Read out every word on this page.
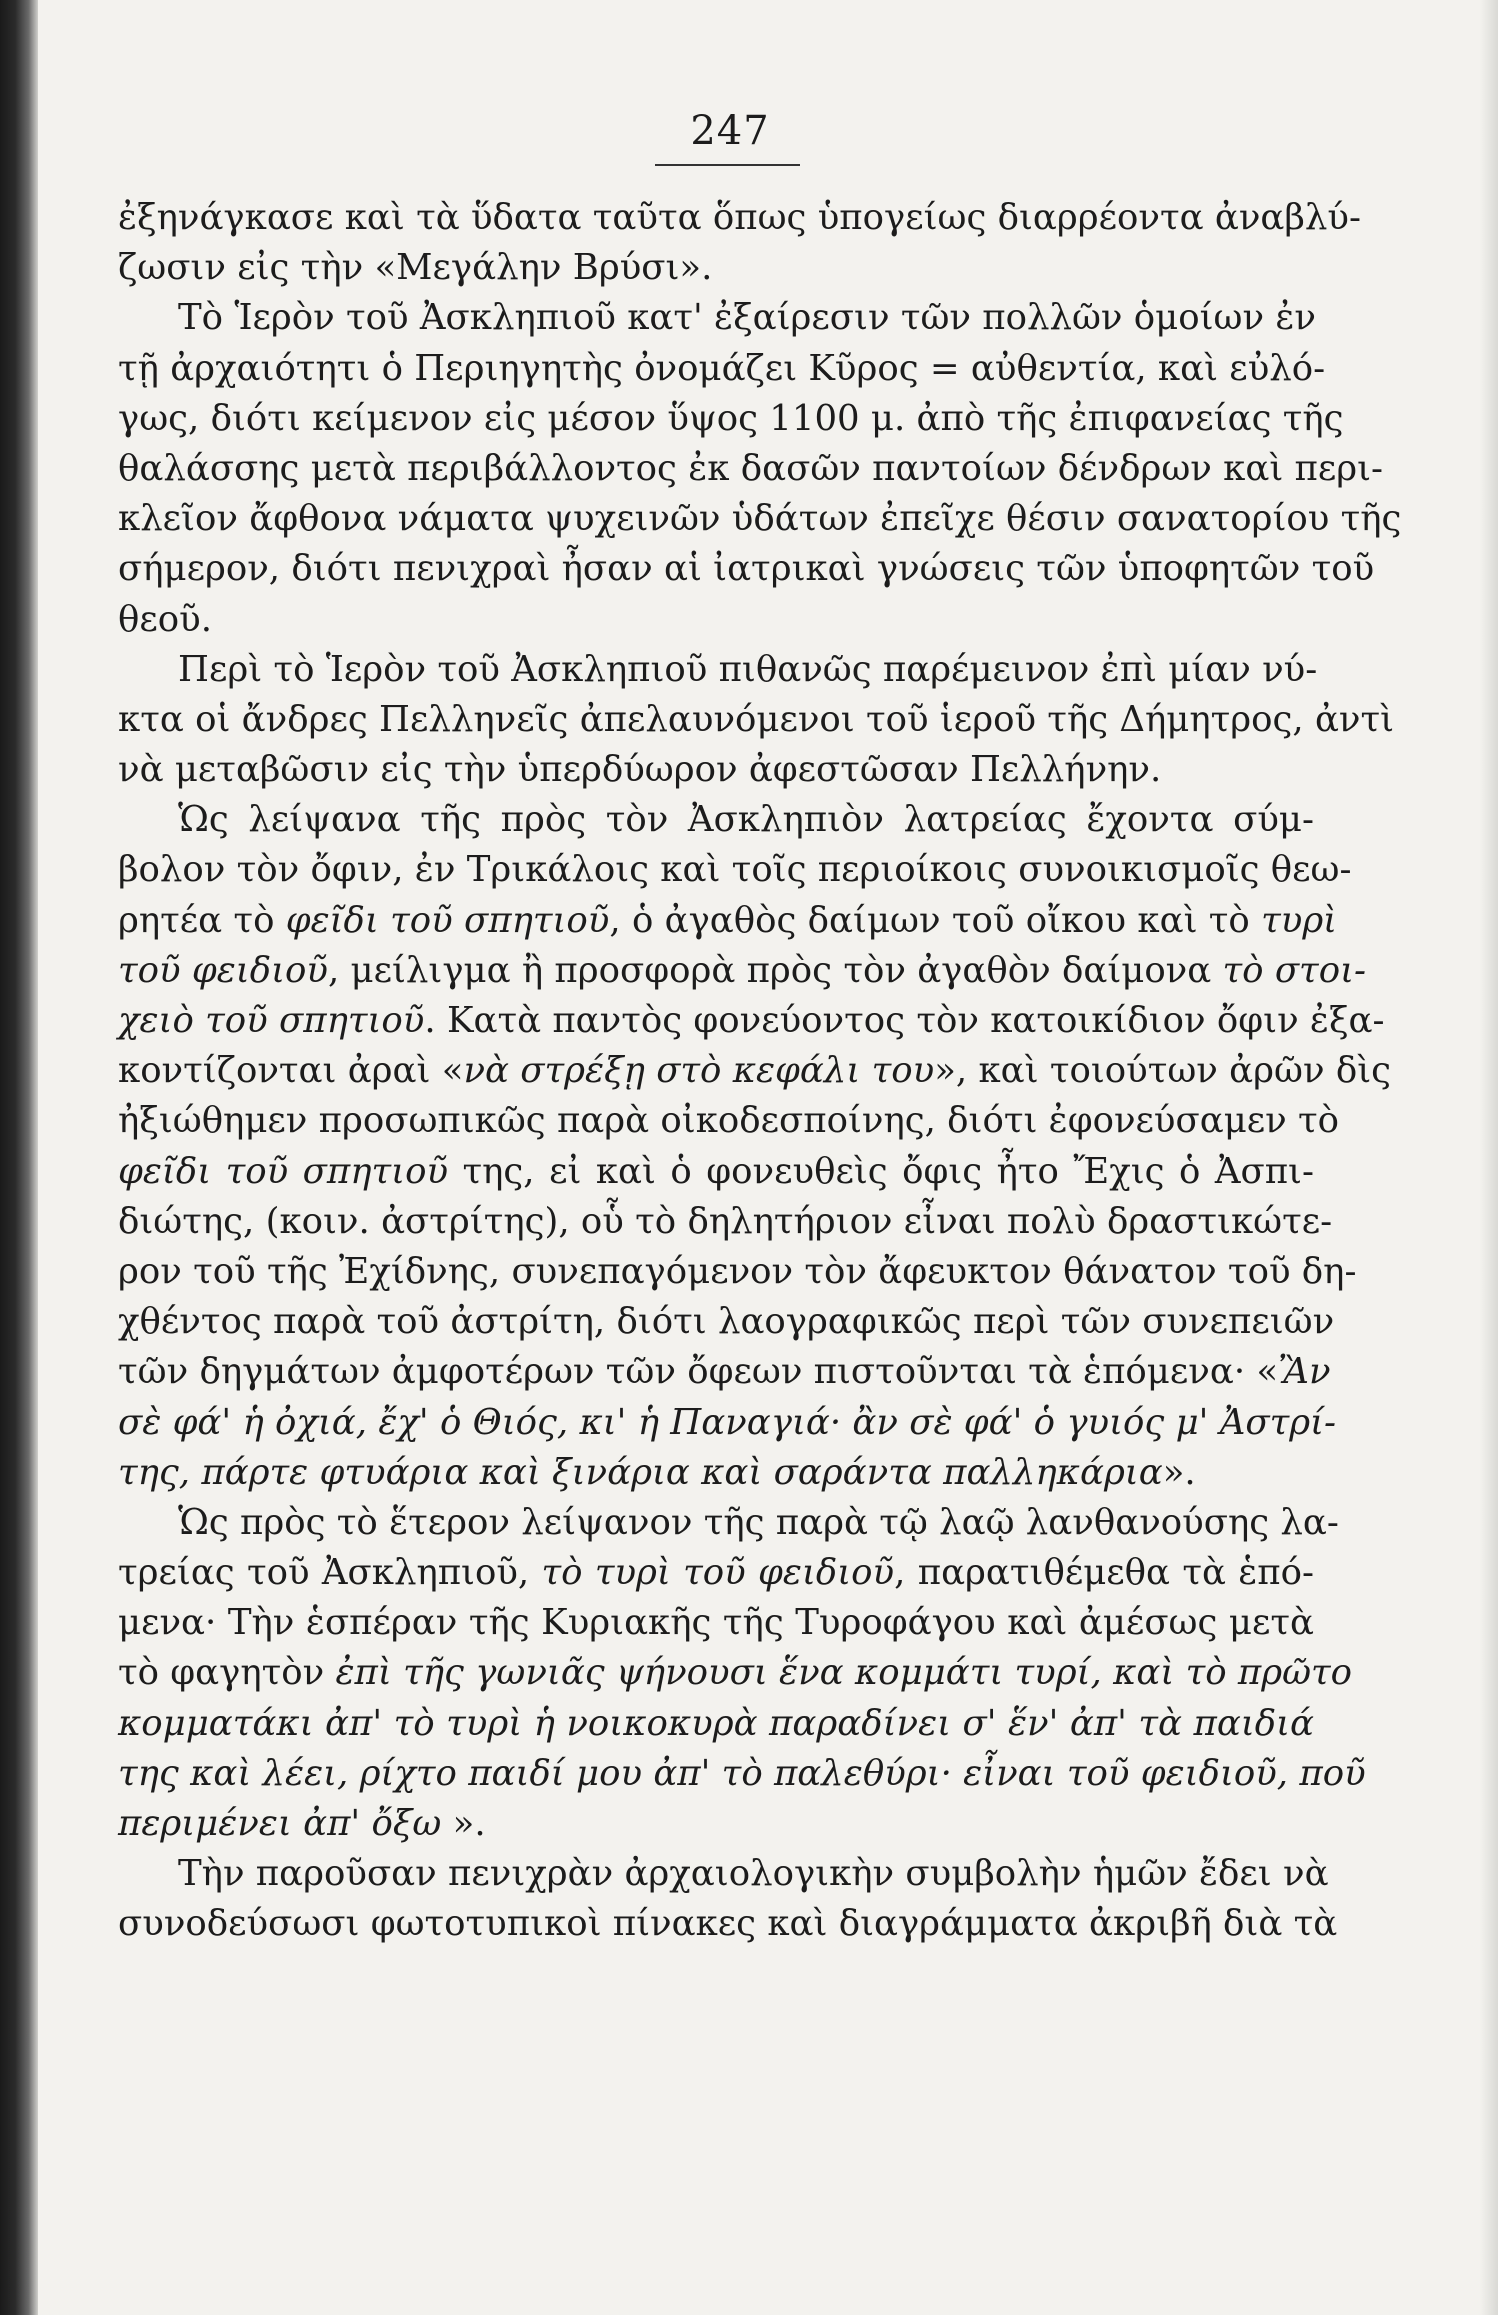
247
ἐξηνάγκασε καὶ τὰ ὕδατα ταῦτα ὅπως ὑπογείως διαρρέοντα ἀναβλύ-
ζωσιν εἰς τὴν «Μεγάλην Βρύσι».
Τὸ Ἱερὸν τοῦ Ἀσκληπιοῦ κατ' ἐξαίρεσιν τῶν πολλῶν ὁμοίων ἐν
τῇ ἀρχαιότητι ὁ Περιηγητὴς ὀνομάζει Κῦρος = αὐθεντία, καὶ εὐλό-
γως, διότι κείμενον εἰς μέσον ὕψος 1100 μ. ἀπὸ τῆς ἐπιφανείας τῆς
θαλάσσης μετὰ περιβάλλοντος ἐκ δασῶν παντοίων δένδρων καὶ περι-
κλεῖον ἄφθονα νάματα ψυχεινῶν ὑδάτων ἐπεῖχε θέσιν σανατορίου τῆς
σήμερον, διότι πενιχραὶ ἦσαν αἱ ἰατρικαὶ γνώσεις τῶν ὑποφητῶν τοῦ
θεοῦ.
Περὶ τὸ Ἱερὸν τοῦ Ἀσκληπιοῦ πιθανῶς παρέμεινον ἐπὶ μίαν νύ-
κτα οἱ ἄνδρες Πελληνεῖς ἀπελαυνόμενοι τοῦ ἱεροῦ τῆς Δήμητρος, ἀντὶ
νὰ μεταβῶσιν εἰς τὴν ὑπερδύωρον ἀφεστῶσαν Πελλήνην.
Ὡς λείψανα τῆς πρὸς τὸν Ἀσκληπιὸν λατρείας ἔχοντα σύμ-
βολον τὸν ὄφιν, ἐν Τρικάλοις καὶ τοῖς περιοίκοις συνοικισμοῖς θεω-
ρητέα τὸ φεῖδι τοῦ σπητιοῦ, ὁ ἀγαθὸς δαίμων τοῦ οἴκου καὶ τὸ τυρὶ
τοῦ φειδιοῦ, μείλιγμα ἢ προσφορὰ πρὸς τὸν ἀγαθὸν δαίμονα τὸ στοι-
χειὸ τοῦ σπητιοῦ. Κατὰ παντὸς φονεύοντος τὸν κατοικίδιον ὄφιν ἐξα-
κοντίζονται ἀραὶ «νὰ στρέξῃ στὸ κεφάλι του», καὶ τοιούτων ἀρῶν δὶς
ἠξιώθημεν προσωπικῶς παρὰ οἰκοδεσποίνης, διότι ἐφονεύσαμεν τὸ
φεῖδι τοῦ σπητιοῦ της, εἰ καὶ ὁ φονευθεὶς ὄφις ἦτο Ἔχις ὁ Ἀσπι-
διώτης, (κοιν. ἀστρίτης), οὗ τὸ δηλητήριον εἶναι πολὺ δραστικώτε-
ρον τοῦ τῆς Ἐχίδνης, συνεπαγόμενον τὸν ἄφευκτον θάνατον τοῦ δη-
χθέντος παρὰ τοῦ ἀστρίτη, διότι λαογραφικῶς περὶ τῶν συνεπειῶν
τῶν δηγμάτων ἀμφοτέρων τῶν ὄφεων πιστοῦνται τὰ ἑπόμενα· «Ἂν
σὲ φά' ἡ ὀχιά, ἔχ' ὁ Θιός, κι' ἡ Παναγιά· ἂν σὲ φά' ὁ γυιός μ' Ἀστρί-
της, πάρτε φτυάρια καὶ ξινάρια καὶ σαράντα παλληκάρια».
Ὡς πρὸς τὸ ἕτερον λείψανον τῆς παρὰ τῷ λαῷ λανθανούσης λα-
τρείας τοῦ Ἀσκληπιοῦ, τὸ τυρὶ τοῦ φειδιοῦ, παρατιθέμεθα τὰ ἑπό-
μενα· Τὴν ἑσπέραν τῆς Κυριακῆς τῆς Τυροφάγου καὶ ἀμέσως μετὰ
τὸ φαγητὸν ἐπὶ τῆς γωνιᾶς ψήνουσι ἕνα κομμάτι τυρί, καὶ τὸ πρῶτο
κομματάκι ἀπ' τὸ τυρὶ ἡ νοικοκυρὰ παραδίνει σ' ἕν' ἀπ' τὰ παιδιά
της καὶ λέει, ρίχτο παιδί μου ἀπ' τὸ παλεθύρι· εἶναι τοῦ φειδιοῦ, ποῦ
περιμένει ἀπ' ὄξω ».
Τὴν παροῦσαν πενιχρὰν ἀρχαιολογικὴν συμβολὴν ἡμῶν ἔδει νὰ
συνοδεύσωσι φωτοτυπικοὶ πίνακες καὶ διαγράμματα ἀκριβῆ διὰ τὰ
